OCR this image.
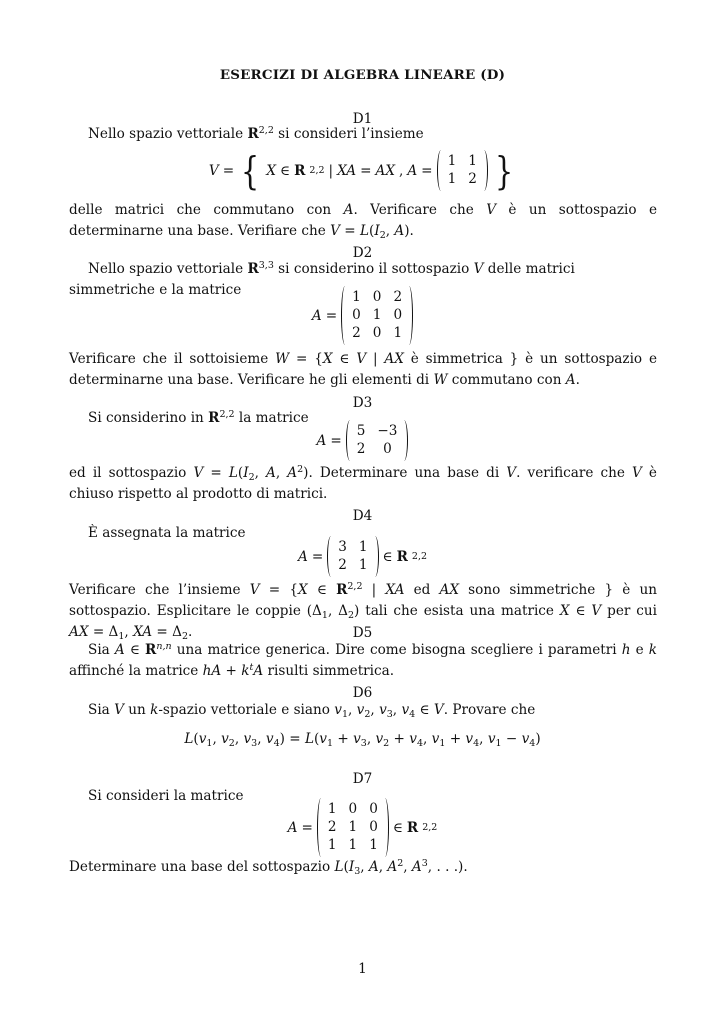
ESERCIZI DI ALGEBRA LINEARE (D)
D1
Nello spazio vettoriale R$^{2,2}$ si consideri l’insieme
V = { X ∈ R 2,2 | XA = AX , A =
1 1
1 2 }
delle matrici che commutano con A. Verificare che V è un sottospazio e determinarne una base. Verifiare che $V = L(I_2$, A).
D2
Nello spazio vettoriale R$^{3,3}$ si considerino il sottospazio V delle matrici simmetriche e la matrice
A =
1 0 2
0 1 0
2 0 1
Verificare che il sottoisieme W = {X ∈ V | AX è simmetrica } è un sottospazio e determinarne una base. Verificare he gli elementi di W commutano con A.
D3
Si considerino in R$^{2,2}$ la matrice
A =
5 −3
2	0
ed il sottospazio $V = L(I_2$, A, $A^2$). Determinare una base di V. verificare che V è chiuso rispetto al prodotto di matrici.
D4
È assegnata la matrice
A =
3 1
2 1
∈ R 2,2
Verificare che l’insieme V = {X ∈ R$^{2,2}$ | XA ed AX sono simmetriche } è un sottospazio. Esplicitare le coppie ($\Delta_1$, $\Delta_2$) tali che esista una matrice X ∈ V per cui AX = $\Delta_1$, XA = $\Delta_2$.	D5
Sia A ∈ R$^{n,n}$ una matrice generica. Dire come bisogna scegliere i parametri h e k affinché la matrice hA + $k^tA$ risulti simmetrica.
D6
Sia V un k-spazio vettoriale e siano $v_1$, $v_2$, $v_3$, $v_4$ ∈ V. Provare che
$L(v_1$, $v_2$, $v_3$, $v_4) = L(v_1 + v_3$, $v_2 + v_4$, $v_1 + v_4$, $v_1 - v_4$)
D7
Si consideri la matrice
A =
1 0 0
2 1 0
1 1 1
∈ R 2,2
Determinare una base del sottospazio $L(I_3$, A, $A^2$, $A^3$, . . .).
1
